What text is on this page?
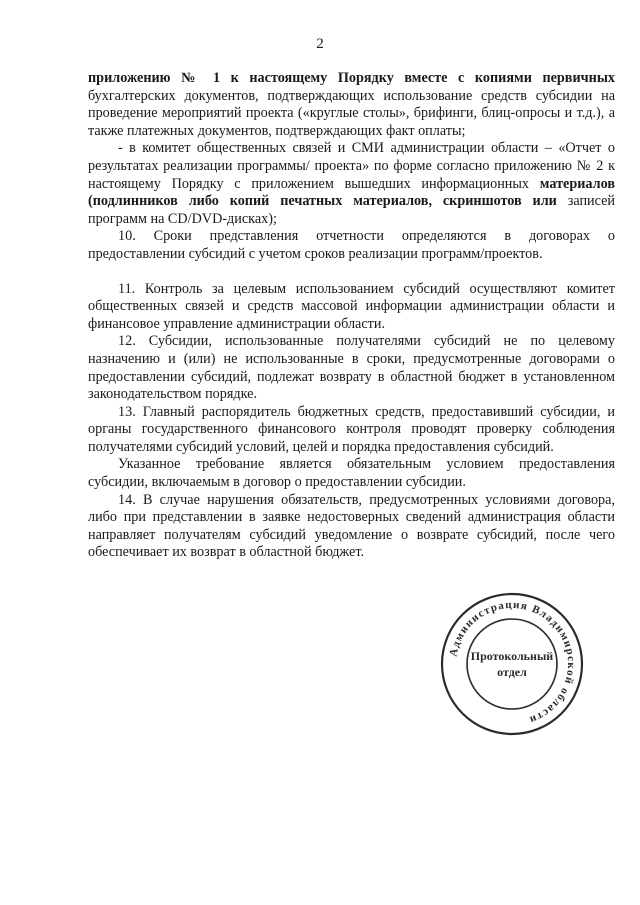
2

приложению № 1 к настоящему Порядку вместе с копиями первичных бухгалтерских документов, подтверждающих использование средств субсидии на проведение мероприятий проекта («круглые столы», брифинги, блиц-опросы и т.д.), а также платежных документов, подтверждающих факт оплаты;

- в комитет общественных связей и СМИ администрации области – «Отчет о результатах реализации программы/ проекта» по форме согласно приложению № 2 к настоящему Порядку с приложением вышедших информационных материалов (подлинников либо копий печатных материалов, скриншотов или записей программ на CD/DVD-дисках);

10. Сроки представления отчетности определяются в договорах о предоставлении субсидий с учетом сроков реализации программ/проектов.

11. Контроль за целевым использованием субсидий осуществляют комитет общественных связей и средств массовой информации администрации области и финансовое управление администрации области.

12. Субсидии, использованные получателями субсидий не по целевому назначению и (или) не использованные в сроки, предусмотренные договорами о предоставлении субсидий, подлежат возврату в областной бюджет в установленном законодательством порядке.

13. Главный распорядитель бюджетных средств, предоставивший субсидии, и органы государственного финансового контроля проводят проверку соблюдения получателями субсидий условий, целей и порядка предоставления субсидий.

Указанное требование является обязательным условием предоставления субсидии, включаемым в договор о предоставлении субсидии.

14. В случае нарушения обязательств, предусмотренных условиями договора, либо при представлении в заявке недостоверных сведений администрация области направляет получателям субсидий уведомление о возврате субсидий, после чего обеспечивает их возврат в областной бюджет.

Администрация Владимирской области
Протокольный
отдел
